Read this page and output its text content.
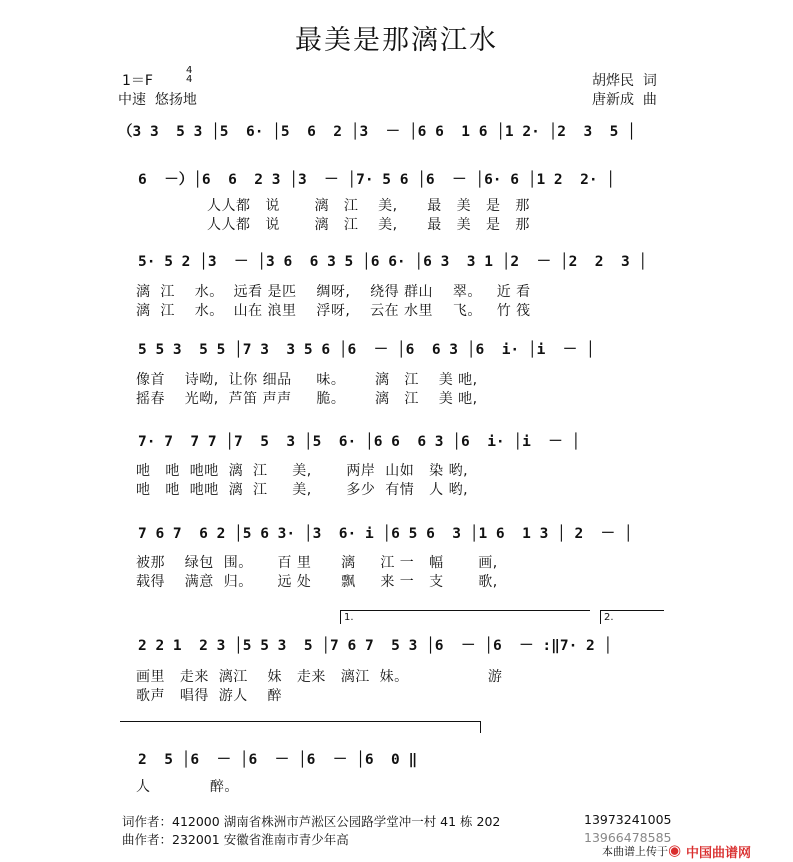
最美是那漓江水
1＝F
4
4
中速  悠扬地
胡烨民  词
唐新成  曲
（3 3  5 3 │5  6· │5  6  2 │3  － │6 6  1 6 │1 2· │2  3  5 │
6  －）│6  6  2 3 │3  － │7· 5 6 │6  － │6· 6 │1 2  2· │
人人都   说       漓   江    美,      最   美   是   那
人人都   说       漓   江    美,      最   美   是   那
5· 5 2 │3  － │3 6  6 3 5 │6 6· │6 3  3 1 │2  － │2  2  3 │
漓  江    水。  远看 是匹    绸呀,    绕得 群山    翠。   近 看
漓  江    水。  山在 浪里    浮呀,    云在 水里    飞。   竹 筏
5 5 3  5 5 │7 3  3 5 6 │6  － │6  6 3 │6  i· │i  － │
像首    诗呦,  让你 细品     味。      漓   江    美 吔,
摇春    光呦,  芦笛 声声     脆。      漓   江    美 吔,
7· 7  7 7 │7  5  3 │5  6· │6 6  6 3 │6  i· │i  － │
吔   吔  吔吔  漓  江     美,       两岸  山如   染 哟,
吔   吔  吔吔  漓  江     美,       多少  有情   人 哟,
7 6 7  6 2 │5 6 3· │3  6· i │6 5 6  3 │1 6  1 3 │ 2  － │
被那    绿包  围。     百 里      漓     江 一   幅       画,
载得    满意  归。     远 处      飘     来 一   支       歌,
1.	2.
2 2 1  2 3 │5 5 3  5 │7 6 7  5 3 │6  － │6  － :‖7· 2 │
画里   走来  漓江    妹   走来   漓江  妹。                游
歌声   唱得  游人    醉
2  5 │6  － │6  － │6  － │6  0 ‖
人            醉。
词作者：412000 湖南省株洲市芦淞区公园路学堂冲一村 41 栋 202	13973241005
曲作者：232001 安徽省淮南市青少年高	13966478585
本曲谱上传于 ◉ 中国曲谱网
